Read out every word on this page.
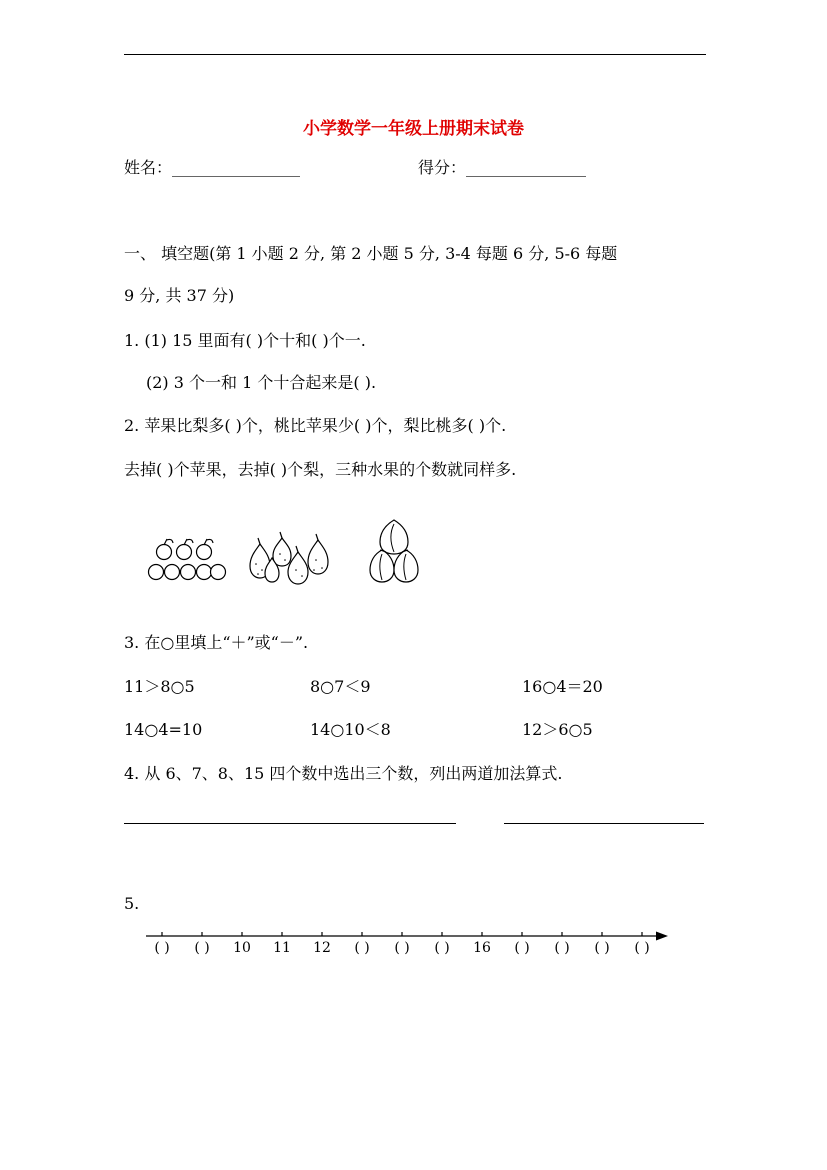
小学数学一年级上册期末试卷
姓名：________________	得分：_______________
一、 填空题(第 1 小题 2 分, 第 2 小题 5 分, 3-4 每题 6 分, 5-6 每题
9 分, 共 37 分)
1. (1) 15 里面有( )个十和( )个一.
(2) 3 个一和 1 个十合起来是( ).
2. 苹果比梨多( )个，桃比苹果少( )个，梨比桃多( )个.
去掉( )个苹果，去掉( )个梨，三种水果的个数就同样多.
3. 在○里填上“＋”或“－”.
11＞8○5	8○7＜9	16○4＝20
14○4=10	14○10＜8	12＞6○5
4. 从 6、7、8、15 四个数中选出三个数，列出两道加法算式.
5.
( ) ( ) 10 11 12 ( ) ( ) ( ) 16 ( ) ( ) ( ) ( )
